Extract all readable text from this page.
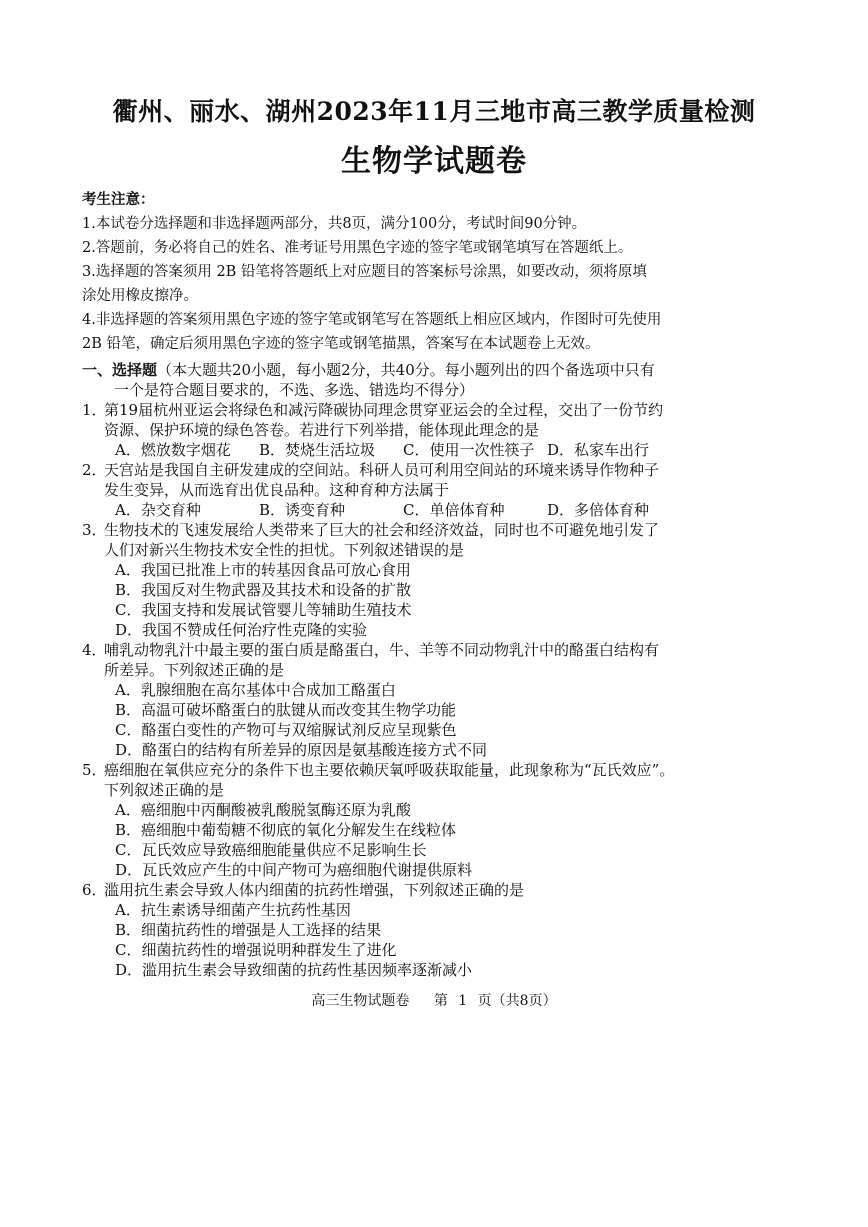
衢州、丽水、湖州2023年11月三地市高三教学质量检测
生物学试题卷

考生注意：

1.本试卷分选择题和非选择题两部分，共8页，满分100分，考试时间90分钟。

2.答题前，务必将自己的姓名、准考证号用黑色字迹的签字笔或钢笔填写在答题纸上。

3.选择题的答案须用 2B 铅笔将答题纸上对应题目的答案标号涂黑，如要改动，须将原填

涂处用橡皮擦净。

4.非选择题的答案须用黑色字迹的签字笔或钢笔写在答题纸上相应区域内，作图时可先使用

2B 铅笔，确定后须用黑色字迹的签字笔或钢笔描黑，答案写在本试题卷上无效。

一、选择题（本大题共20小题，每小题2分，共40分。每小题列出的四个备选项中只有

一个是符合题目要求的，不选、多选、错选均不得分）

1．
第19届杭州亚运会将绿色和减污降碳协同理念贯穿亚运会的全过程，交出了一份节约
资源、保护环境的绿色答卷。若进行下列举措，能体现此理念的是
A．燃放数字烟花	B．焚烧生活垃圾	C．使用一次性筷子 D．私家车出行
2．
天宫站是我国自主研发建成的空间站。科研人员可利用空间站的环境来诱导作物种子
发生变异，从而选育出优良品种。这种育种方法属于
A．杂交育种	B．诱变育种	C．单倍体育种	D．多倍体育种
3．
生物技术的飞速发展给人类带来了巨大的社会和经济效益，同时也不可避免地引发了
人们对新兴生物技术安全性的担忧。下列叙述错误的是
A．我国已批准上市的转基因食品可放心食用
B．我国反对生物武器及其技术和设备的扩散
C．我国支持和发展试管婴儿等辅助生殖技术
D．我国不赞成任何治疗性克隆的实验
4．
哺乳动物乳汁中最主要的蛋白质是酪蛋白，牛、羊等不同动物乳汁中的酪蛋白结构有
所差异。下列叙述正确的是
A．乳腺细胞在高尔基体中合成加工酪蛋白
B．高温可破坏酪蛋白的肽键从而改变其生物学功能
C．酪蛋白变性的产物可与双缩脲试剂反应呈现紫色
D．酪蛋白的结构有所差异的原因是氨基酸连接方式不同
5．
癌细胞在氧供应充分的条件下也主要依赖厌氧呼吸获取能量，此现象称为“瓦氏效应”。
下列叙述正确的是
A．癌细胞中丙酮酸被乳酸脱氢酶还原为乳酸
B．癌细胞中葡萄糖不彻底的氧化分解发生在线粒体
C．瓦氏效应导致癌细胞能量供应不足影响生长
D．瓦氏效应产生的中间产物可为癌细胞代谢提供原料
6．
滥用抗生素会导致人体内细菌的抗药性增强，下列叙述正确的是
A．抗生素诱导细菌产生抗药性基因
B．细菌抗药性的增强是人工选择的结果
C．细菌抗药性的增强说明种群发生了进化
D．滥用抗生素会导致细菌的抗药性基因频率逐渐减小
高三生物试题卷　 第 1 页（共8页）
